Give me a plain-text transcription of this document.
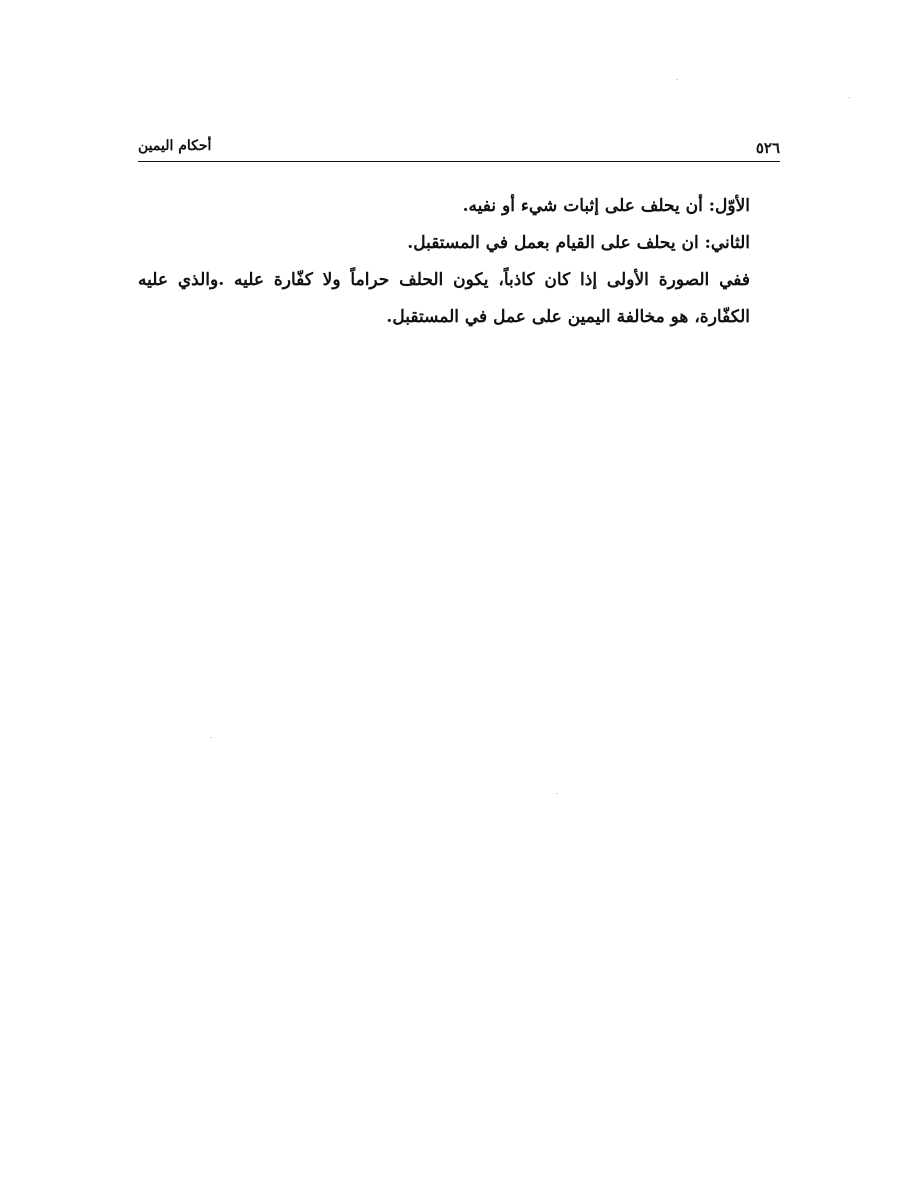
أحكام اليمين	٥٢٦

الأوّل: أن يحلف على إثبات شيء أو نفيه.

الثاني: ان يحلف على القيام بعمل في المستقبل.

ففي الصورة الأولى إذا كان كاذباً، يكون الحلف حراماً ولا كفّارة عليه .والذي عليه الكفّارة، هو مخالفة اليمين على عمل في المستقبل.
